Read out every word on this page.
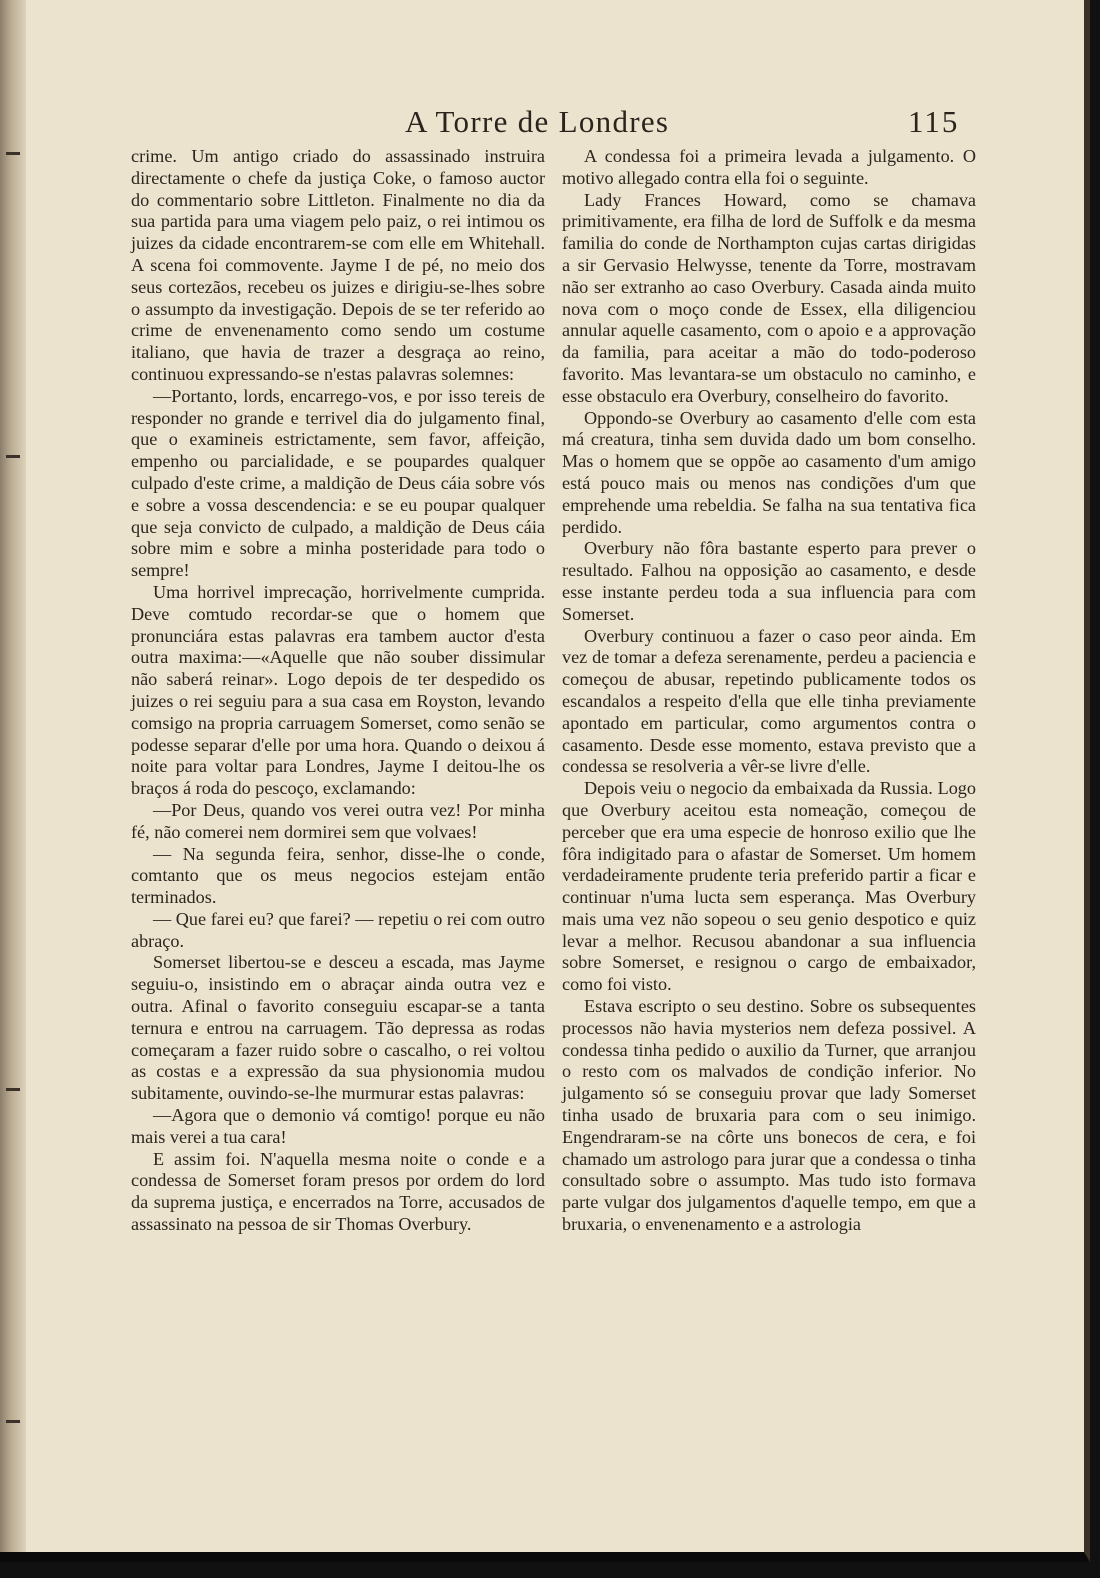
A Torre de Londres	115

crime. Um antigo criado do assassinado instruira directamente o chefe da justiça Coke, o famoso auctor do commentario sobre Littleton. Finalmente no dia da sua partida para uma viagem pelo paiz, o rei intimou os juizes da cidade encontrarem-se com elle em Whitehall. A scena foi commovente. Jayme I de pé, no meio dos seus cortezãos, recebeu os juizes e dirigiu-se-lhes sobre o assumpto da investigação. Depois de se ter referido ao crime de envenenamento como sendo um costume italiano, que havia de trazer a desgraça ao reino, continuou expressando-se n'estas palavras solemnes:

—Portanto, lords, encarrego-vos, e por isso tereis de responder no grande e terrivel dia do julgamento final, que o examineis estrictamente, sem favor, affeição, empenho ou parcialidade, e se poupardes qualquer culpado d'este crime, a maldição de Deus cáia sobre vós e sobre a vossa descendencia: e se eu poupar qualquer que seja convicto de culpado, a maldição de Deus cáia sobre mim e sobre a minha posteridade para todo o sempre!

Uma horrivel imprecação, horrivelmente cumprida. Deve comtudo recordar-se que o homem que pronunciára estas palavras era tambem auctor d'esta outra maxima:—«Aquelle que não souber dissimular não saberá reinar». Logo depois de ter despedido os juizes o rei seguiu para a sua casa em Royston, levando comsigo na propria carruagem Somerset, como senão se podesse separar d'elle por uma hora. Quando o deixou á noite para voltar para Londres, Jayme I deitou-lhe os braços á roda do pescoço, exclamando:

—Por Deus, quando vos verei outra vez! Por minha fé, não comerei nem dormirei sem que volvaes!

— Na segunda feira, senhor, disse-lhe o conde, comtanto que os meus negocios estejam então terminados.

— Que farei eu? que farei? — repetiu o rei com outro abraço.

Somerset libertou-se e desceu a escada, mas Jayme seguiu-o, insistindo em o abraçar ainda outra vez e outra. Afinal o favorito conseguiu escapar-se a tanta ternura e entrou na carruagem. Tão depressa as rodas começaram a fazer ruido sobre o cascalho, o rei voltou as costas e a expressão da sua physionomia mudou subitamente, ouvindo-se-lhe murmurar estas palavras:

—Agora que o demonio vá comtigo! porque eu não mais verei a tua cara!

E assim foi. N'aquella mesma noite o conde e a condessa de Somerset foram presos por ordem do lord da suprema justiça, e encerrados na Torre, accusados de assassinato na pessoa de sir Thomas Overbury.

A condessa foi a primeira levada a julgamento. O motivo allegado contra ella foi o seguinte.

Lady Frances Howard, como se chamava primitivamente, era filha de lord de Suffolk e da mesma familia do conde de Northampton cujas cartas dirigidas a sir Gervasio Helwysse, tenente da Torre, mostravam não ser extranho ao caso Overbury. Casada ainda muito nova com o moço conde de Essex, ella diligenciou annular aquelle casamento, com o apoio e a approvação da familia, para aceitar a mão do todo-poderoso favorito. Mas levantara-se um obstaculo no caminho, e esse obstaculo era Overbury, conselheiro do favorito.

Oppondo-se Overbury ao casamento d'elle com esta má creatura, tinha sem duvida dado um bom conselho. Mas o homem que se oppõe ao casamento d'um amigo está pouco mais ou menos nas condições d'um que emprehende uma rebeldia. Se falha na sua tentativa fica perdido.

Overbury não fôra bastante esperto para prever o resultado. Falhou na opposição ao casamento, e desde esse instante perdeu toda a sua influencia para com Somerset.

Overbury continuou a fazer o caso peor ainda. Em vez de tomar a defeza serenamente, perdeu a paciencia e começou de abusar, repetindo publicamente todos os escandalos a respeito d'ella que elle tinha previamente apontado em particular, como argumentos contra o casamento. Desde esse momento, estava previsto que a condessa se resolveria a vêr-se livre d'elle.

Depois veiu o negocio da embaixada da Russia. Logo que Overbury aceitou esta nomeação, começou de perceber que era uma especie de honroso exilio que lhe fôra indigitado para o afastar de Somerset. Um homem verdadeiramente prudente teria preferido partir a ficar e continuar n'uma lucta sem esperança. Mas Overbury mais uma vez não sopeou o seu genio despotico e quiz levar a melhor. Recusou abandonar a sua influencia sobre Somerset, e resignou o cargo de embaixador, como foi visto.

Estava escripto o seu destino. Sobre os subsequentes processos não havia mysterios nem defeza possivel. A condessa tinha pedido o auxilio da Turner, que arranjou o resto com os malvados de condição inferior. No julgamento só se conseguiu provar que lady Somerset tinha usado de bruxaria para com o seu inimigo. Engendraram-se na côrte uns bonecos de cera, e foi chamado um astrologo para jurar que a condessa o tinha consultado sobre o assumpto. Mas tudo isto formava parte vulgar dos julgamentos d'aquelle tempo, em que a bruxaria, o envenenamento e a astrologia
